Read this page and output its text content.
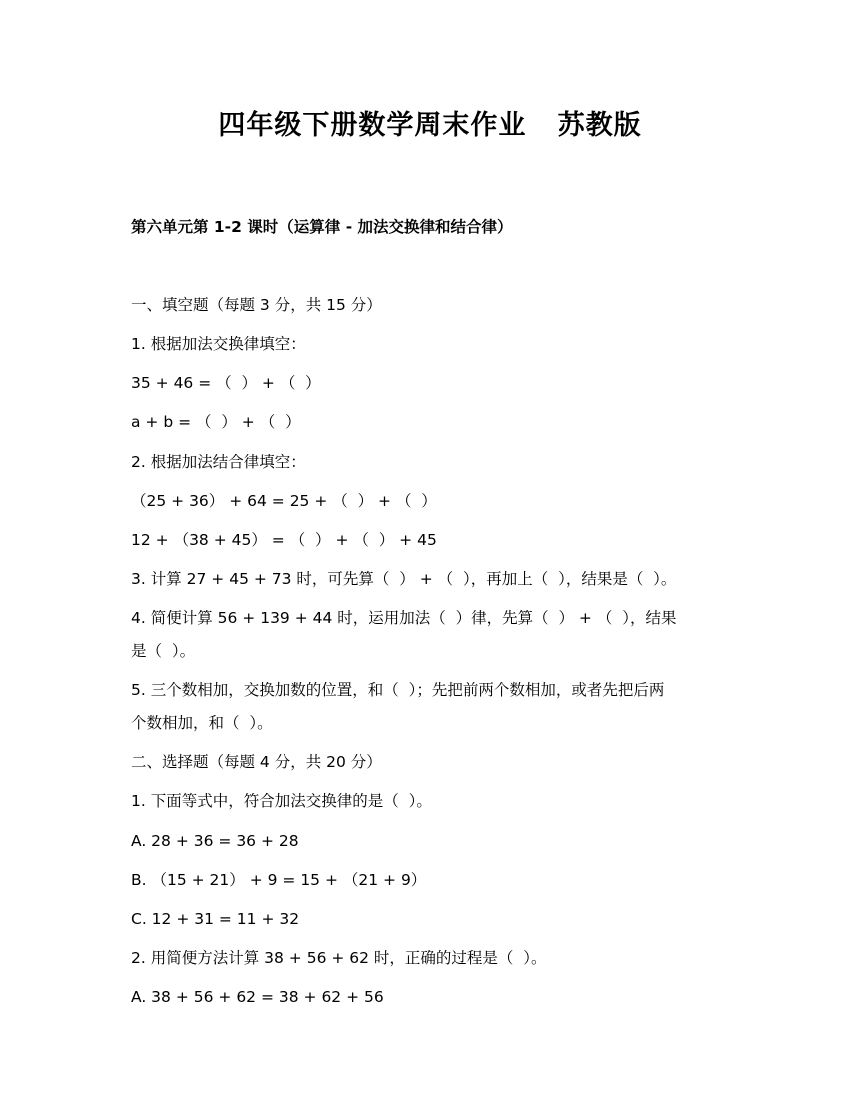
四年级下册数学周末作业   苏教版
第六单元第 1-2 课时（运算律 - 加法交换律和结合律）
一、填空题（每题 3 分，共 15 分）
1. 根据加法交换律填空：
35 + 46 = （  ） + （  ）
a + b = （  ） + （  ）
2. 根据加法结合律填空：
（25 + 36） + 64 = 25 + （  ） + （  ）
12 + （38 + 45） = （  ） + （  ） + 45
3. 计算 27 + 45 + 73 时，可先算（  ） + （  ），再加上（  ），结果是（  ）。
4. 简便计算 56 + 139 + 44 时，运用加法（  ）律，先算（  ） + （  ），结果
是（  ）。
5. 三个数相加，交换加数的位置，和（  ）；先把前两个数相加，或者先把后两
个数相加，和（  ）。
二、选择题（每题 4 分，共 20 分）
1. 下面等式中，符合加法交换律的是（  ）。
A. 28 + 36 = 36 + 28
B. （15 + 21） + 9 = 15 + （21 + 9）
C. 12 + 31 = 11 + 32
2. 用简便方法计算 38 + 56 + 62 时，正确的过程是（  ）。
A. 38 + 56 + 62 = 38 + 62 + 56
